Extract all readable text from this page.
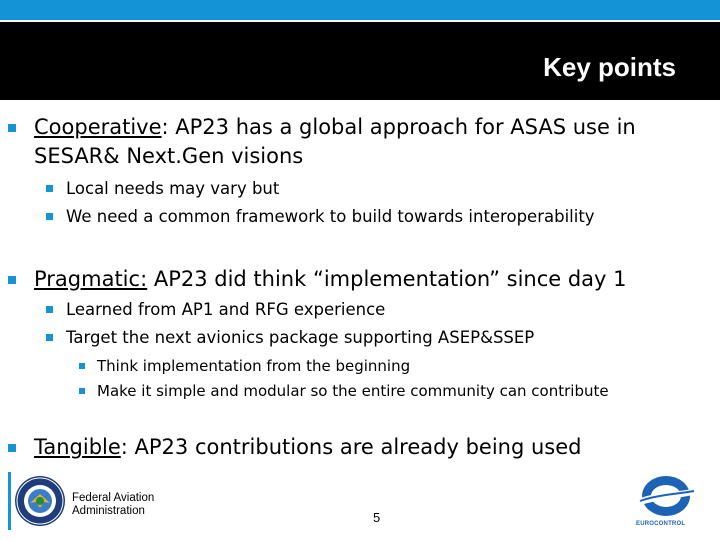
Key points
Cooperative: AP23 has a global approach for ASAS use in
SESAR& Next.Gen visions
Local needs may vary but
We need a common framework to build towards interoperability
Pragmatic: AP23 did think “implementation” since day 1
Learned from AP1 and RFG experience
Target the next avionics package supporting ASEP&SSEP
Think implementation from the beginning
Make it simple and modular so the entire community can contribute
Tangible: AP23 contributions are already being used
Federal Aviation
Administration	5	EUROCONTROL
